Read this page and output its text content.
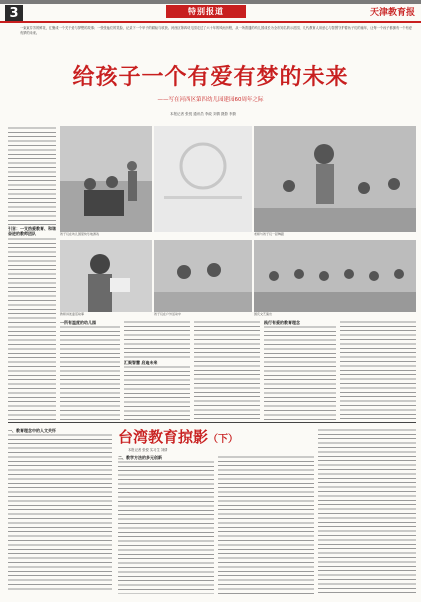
3	特别报道	天津教育报
一束束芬芳的鲜花，汇聚成一个关于爱与梦想的故事；一张张灿烂的笑脸，记录下一个甲子的耕耘与收获。河西区第四幼儿园走过了六十年的风雨历程，从一所普通的幼儿园成长为全市知名的示范园，几代教育人用爱心与智慧守护着孩子们的童年，让每一个孩子都拥有一个有爱有梦的未来。
给孩子一个有爱有梦的未来
——写在河西区第四幼儿园建园60周年之际
本报记者 张悦 通讯员 李政 刘倩 摄影 李蔚
引言：一支热爱教育、和谐奋进的教师团队	孩子们在幼儿园里快乐地游戏	老师与孩子们一起舞蹈
教师讲述童话故事	孩子们在户外活动中	园庆文艺演出
一所有温度的幼儿园
汇聚智慧 启迪未来
践行有爱的教育理念
台湾教育掠影（下）
本报记者 张悦 实习生 刘倩
一、教育理念中的人文关怀
二、教学方法的多元创新
